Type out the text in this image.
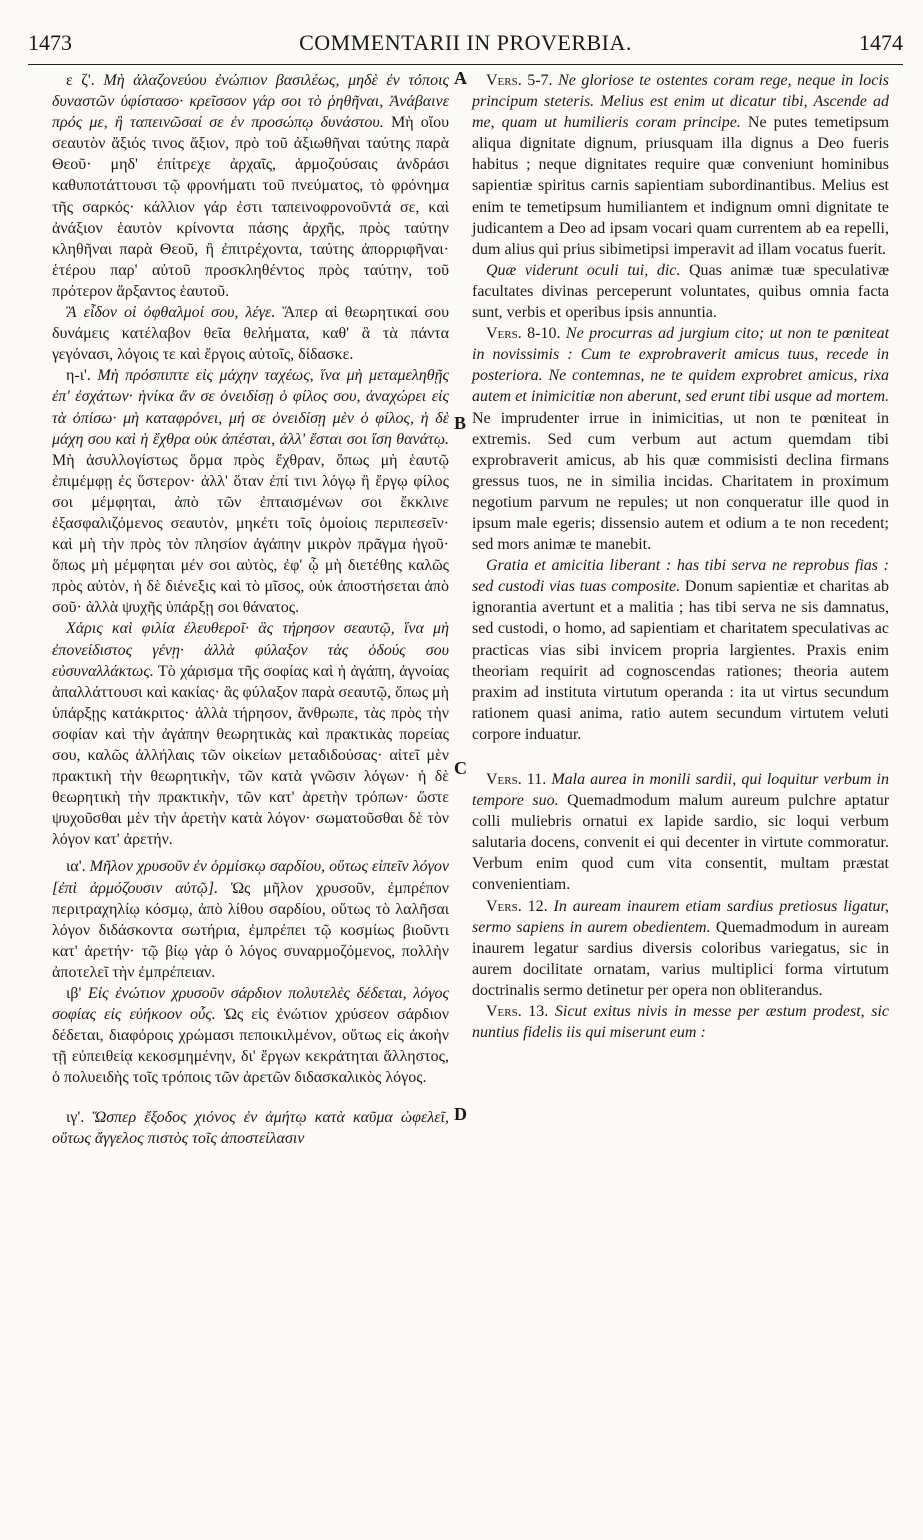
1473	COMMENTARII IN PROVERBIA.	1474
A
B
C
D

ε ζ'. Μὴ ἀλαζονεύου ἐνώπιον βασιλέως, μηδὲ ἐν τόποις δυναστῶν ὑφίστασο· κρεῖσσον γάρ σοι τὸ ῥηθῆναι, Ἀνάβαινε πρός με, ἢ ταπεινῶσαί σε ἐν προσώπῳ δυνάστου. Μὴ οἴου σεαυτὸν ἄξιός τινος ἄξιον, πρὸ τοῦ ἀξιωθῆναι ταύτης παρὰ Θεοῦ· μηδ' ἐπίτρεχε ἀρχαῖς, ἁρμοζούσαις ἀνδράσι καθυποτάττουσι τῷ φρονήματι τοῦ πνεύματος, τὸ φρόνημα τῆς σαρκός· κάλλιον γάρ ἐστι ταπεινοφρονοῦντά σε, καὶ ἀνάξιον ἑαυτὸν κρίνοντα πάσης ἀρχῆς, πρὸς ταύτην κληθῆναι παρὰ Θεοῦ, ἢ ἐπιτρέχοντα, ταύτης ἀπορριφῆναι· ἑτέρου παρ' αὐτοῦ προσκληθέντος πρὸς ταύτην, τοῦ πρότερον ἄρξαντος ἑαυτοῦ.

Ἃ εἶδον οἱ ὀφθαλμοί σου, λέγε. Ἅπερ αἱ θεωρητικαί σου δυνάμεις κατέλαβον θεῖα θελήματα, καθ' ἃ τὰ πάντα γεγόνασι, λόγοις τε καὶ ἔργοις αὐτοῖς, δίδασκε.

η-ι'. Μὴ πρόσπιπτε εἰς μάχην ταχέως, ἵνα μὴ μεταμεληθῇς ἐπ' ἐσχάτων· ἡνίκα ἄν σε ὀνειδίσῃ ὁ φίλος σου, ἀναχώρει εἰς τὰ ὀπίσω· μὴ καταφρόνει, μή σε ὀνειδίσῃ μὲν ὁ φίλος, ἡ δὲ μάχη σου καὶ ἡ ἔχθρα οὐκ ἀπέσται, ἀλλ' ἔσται σοι ἴση θανάτῳ. Μὴ ἀσυλλογίστως ὅρμα πρὸς ἔχθραν, ὅπως μὴ ἑαυτῷ ἐπιμέμφῃ ἐς ὕστερον· ἀλλ' ὅταν ἐπί τινι λόγῳ ἢ ἔργῳ φίλος σοι μέμφηται, ἀπὸ τῶν ἐπταισμένων σοι ἔκκλινε ἐξασφαλιζόμενος σεαυτὸν, μηκέτι τοῖς ὁμοίοις περιπεσεῖν· καὶ μὴ τὴν πρὸς τὸν πλησίον ἀγάπην μικρὸν πρᾶγμα ἡγοῦ· ὅπως μὴ μέμφηται μέν σοι αὐτὸς, ἐφ' ᾧ μὴ διετέθης καλῶς πρὸς αὐτὸν, ἡ δὲ διένεξις καὶ τὸ μῖσος, οὐκ ἀποστήσεται ἀπὸ σοῦ· ἀλλὰ ψυχῆς ὑπάρξῃ σοι θάνατος.

Χάρις καὶ φιλία ἐλευθεροῖ· ἃς τήρησον σεαυτῷ, ἵνα μὴ ἐπονείδιστος γένῃ· ἀλλὰ φύλαξον τὰς ὁδούς σου εὐσυναλλάκτως. Τὸ χάρισμα τῆς σοφίας καὶ ἡ ἀγάπη, ἀγνοίας ἀπαλλάττουσι καὶ κακίας· ἃς φύλαξον παρὰ σεαυτῷ, ὅπως μὴ ὑπάρξῃς κατάκριτος· ἀλλὰ τήρησον, ἄνθρωπε, τὰς πρὸς τὴν σοφίαν καὶ τὴν ἀγάπην θεωρητικὰς καὶ πρακτικὰς πορείας σου, καλῶς ἀλλήλαις τῶν οἰκείων μεταδιδούσας· αἰτεῖ μὲν πρακτικὴ τὴν θεωρητικὴν, τῶν κατὰ γνῶσιν λόγων· ἡ δὲ θεωρητικὴ τὴν πρακτικὴν, τῶν κατ' ἀρετὴν τρόπων· ὥστε ψυχοῦσθαι μὲν τὴν ἀρετὴν κατὰ λόγον· σωματοῦσθαι δὲ τὸν λόγον κατ' ἀρετήν.

ια'. Μῆλον χρυσοῦν ἐν ὁρμίσκῳ σαρδίου, οὕτως εἰπεῖν λόγον [ἐπὶ ἁρμόζουσιν αὐτῷ]. Ὡς μῆλον χρυσοῦν, ἐμπρέπον περιτραχηλίῳ κόσμῳ, ἀπὸ λίθου σαρδίου, οὕτως τὸ λαλῆσαι λόγον διδάσκοντα σωτήρια, ἐμπρέπει τῷ κοσμίως βιοῦντι κατ' ἀρετήν· τῷ βίῳ γὰρ ὁ λόγος συναρμοζόμενος, πολλὴν ἀποτελεῖ τὴν ἐμπρέπειαν.

ιβ' Εἰς ἐνώτιον χρυσοῦν σάρδιον πολυτελὲς δέδεται, λόγος σοφίας εἰς εὐήκοον οὖς. Ὡς εἰς ἐνώτιον χρύσεον σάρδιον δέδεται, διαφόροις χρώμασι πεποικιλμένον, οὕτως εἰς ἀκοὴν τῇ εὐπειθείᾳ κεκοσμημένην, δι' ἔργων κεκράτηται ἄλληστος, ὁ πολυειδὴς τοῖς τρόποις τῶν ἀρετῶν διδασκαλικὸς λόγος.

ιγ'. Ὥσπερ ἔξοδος χιόνος ἐν ἀμήτῳ κατὰ καῦμα ὠφελεῖ, οὕτως ἄγγελος πιστὸς τοῖς ἀποστείλασιν

Vers. 5-7. Ne gloriose te ostentes coram rege, neque in locis principum steteris. Melius est enim ut dicatur tibi, Ascende ad me, quam ut humilieris coram principe. Ne putes temetipsum aliqua dignitate dignum, priusquam illa dignus a Deo fueris habitus ; neque dignitates require quæ conveniunt hominibus sapientiæ spiritus carnis sapientiam subordinantibus. Melius est enim te temetipsum humiliantem et indignum omni dignitate te judicantem a Deo ad ipsam vocari quam currentem ab ea repelli, dum alius qui prius sibimetipsi imperavit ad illam vocatus fuerit.

Quæ viderunt oculi tui, dic. Quas animæ tuæ speculativæ facultates divinas perceperunt voluntates, quibus omnia facta sunt, verbis et operibus ipsis annuntia.

Vers. 8-10. Ne procurras ad jurgium cito; ut non te pœniteat in novissimis : Cum te exprobraverit amicus tuus, recede in posteriora. Ne contemnas, ne te quidem exprobret amicus, rixa autem et inimicitiæ non aberunt, sed erunt tibi usque ad mortem. Ne imprudenter irrue in inimicitias, ut non te pœniteat in extremis. Sed cum verbum aut actum quemdam tibi exprobraverit amicus, ab his quæ commisisti declina firmans gressus tuos, ne in similia incidas. Charitatem in proximum negotium parvum ne repules; ut non conqueratur ille quod in ipsum male egeris; dissensio autem et odium a te non recedent; sed mors animæ te manebit.

Gratia et amicitia liberant : has tibi serva ne reprobus fias : sed custodi vias tuas composite. Donum sapientiæ et charitas ab ignorantia avertunt et a malitia ; has tibi serva ne sis damnatus, sed custodi, o homo, ad sapientiam et charitatem speculativas ac practicas vias sibi invicem propria largientes. Praxis enim theoriam requirit ad cognoscendas rationes; theoria autem praxim ad instituta virtutum operanda : ita ut virtus secundum rationem quasi anima, ratio autem secundum virtutem veluti corpore induatur.

Vers. 11. Mala aurea in monili sardii, qui loquitur verbum in tempore suo. Quemadmodum malum aureum pulchre aptatur colli muliebris ornatui ex lapide sardio, sic loqui verbum salutaria docens, convenit ei qui decenter in virtute commoratur. Verbum enim quod cum vita consentit, multam præstat convenientiam.

Vers. 12. In auream inaurem etiam sardius pretiosus ligatur, sermo sapiens in aurem obedientem. Quemadmodum in auream inaurem legatur sardius diversis coloribus variegatus, sic in aurem docilitate ornatam, varius multiplici forma virtutum doctrinalis sermo detinetur per opera non obliterandus.

Vers. 13. Sicut exitus nivis in messe per æstum prodest, sic nuntius fidelis iis qui miserunt eum :
